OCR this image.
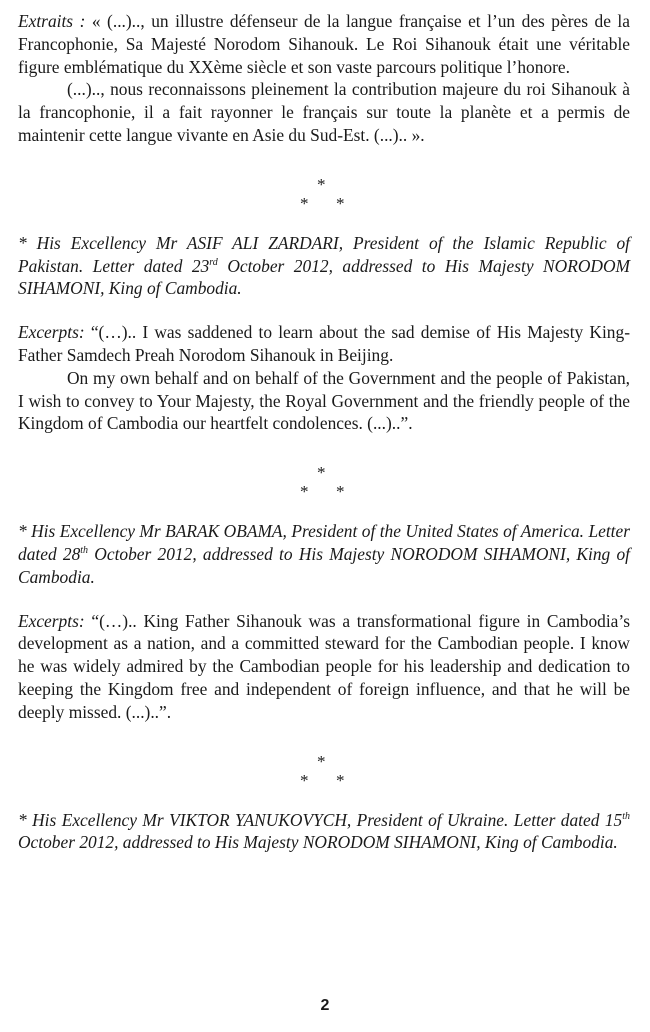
Extraits : « (...).., un illustre défenseur de la langue française et l’un des pères de la Francophonie, Sa Majesté Norodom Sihanouk. Le Roi Sihanouk était une véritable figure emblématique du XXème siècle et son vaste parcours politique l’honore.

(...).., nous reconnaissons pleinement la contribution majeure du roi Sihanouk à la francophonie, il a fait rayonner le français sur toute la planète et a permis de maintenir cette langue vivante en Asie du Sud-Est. (...).. ».

*
* *

* His Excellency Mr ASIF ALI ZARDARI, President of the Islamic Republic of Pakistan. Letter dated 23rd October 2012, addressed to His Majesty NORODOM SIHAMONI, King of Cambodia.

Excerpts: “(…).. I was saddened to learn about the sad demise of His Majesty King-Father Samdech Preah Norodom Sihanouk in Beijing.

On my own behalf and on behalf of the Government and the people of Pakistan, I wish to convey to Your Majesty, the Royal Government and the friendly people of the Kingdom of Cambodia our heartfelt condolences. (...)..”.

*
* *

* His Excellency Mr BARAK OBAMA, President of the United States of America. Letter dated 28th October 2012, addressed to His Majesty NORODOM SIHAMONI, King of Cambodia.

Excerpts: “(…).. King Father Sihanouk was a transformational figure in Cambodia’s development as a nation, and a committed steward for the Cambodian people. I know he was widely admired by the Cambodian people for his leadership and dedication to keeping the Kingdom free and independent of foreign influence, and that he will be deeply missed. (...)..”.

*
* *

* His Excellency Mr VIKTOR YANUKOVYCH, President of Ukraine. Letter dated 15th October 2012, addressed to His Majesty NORODOM SIHAMONI, King of Cambodia.

2
